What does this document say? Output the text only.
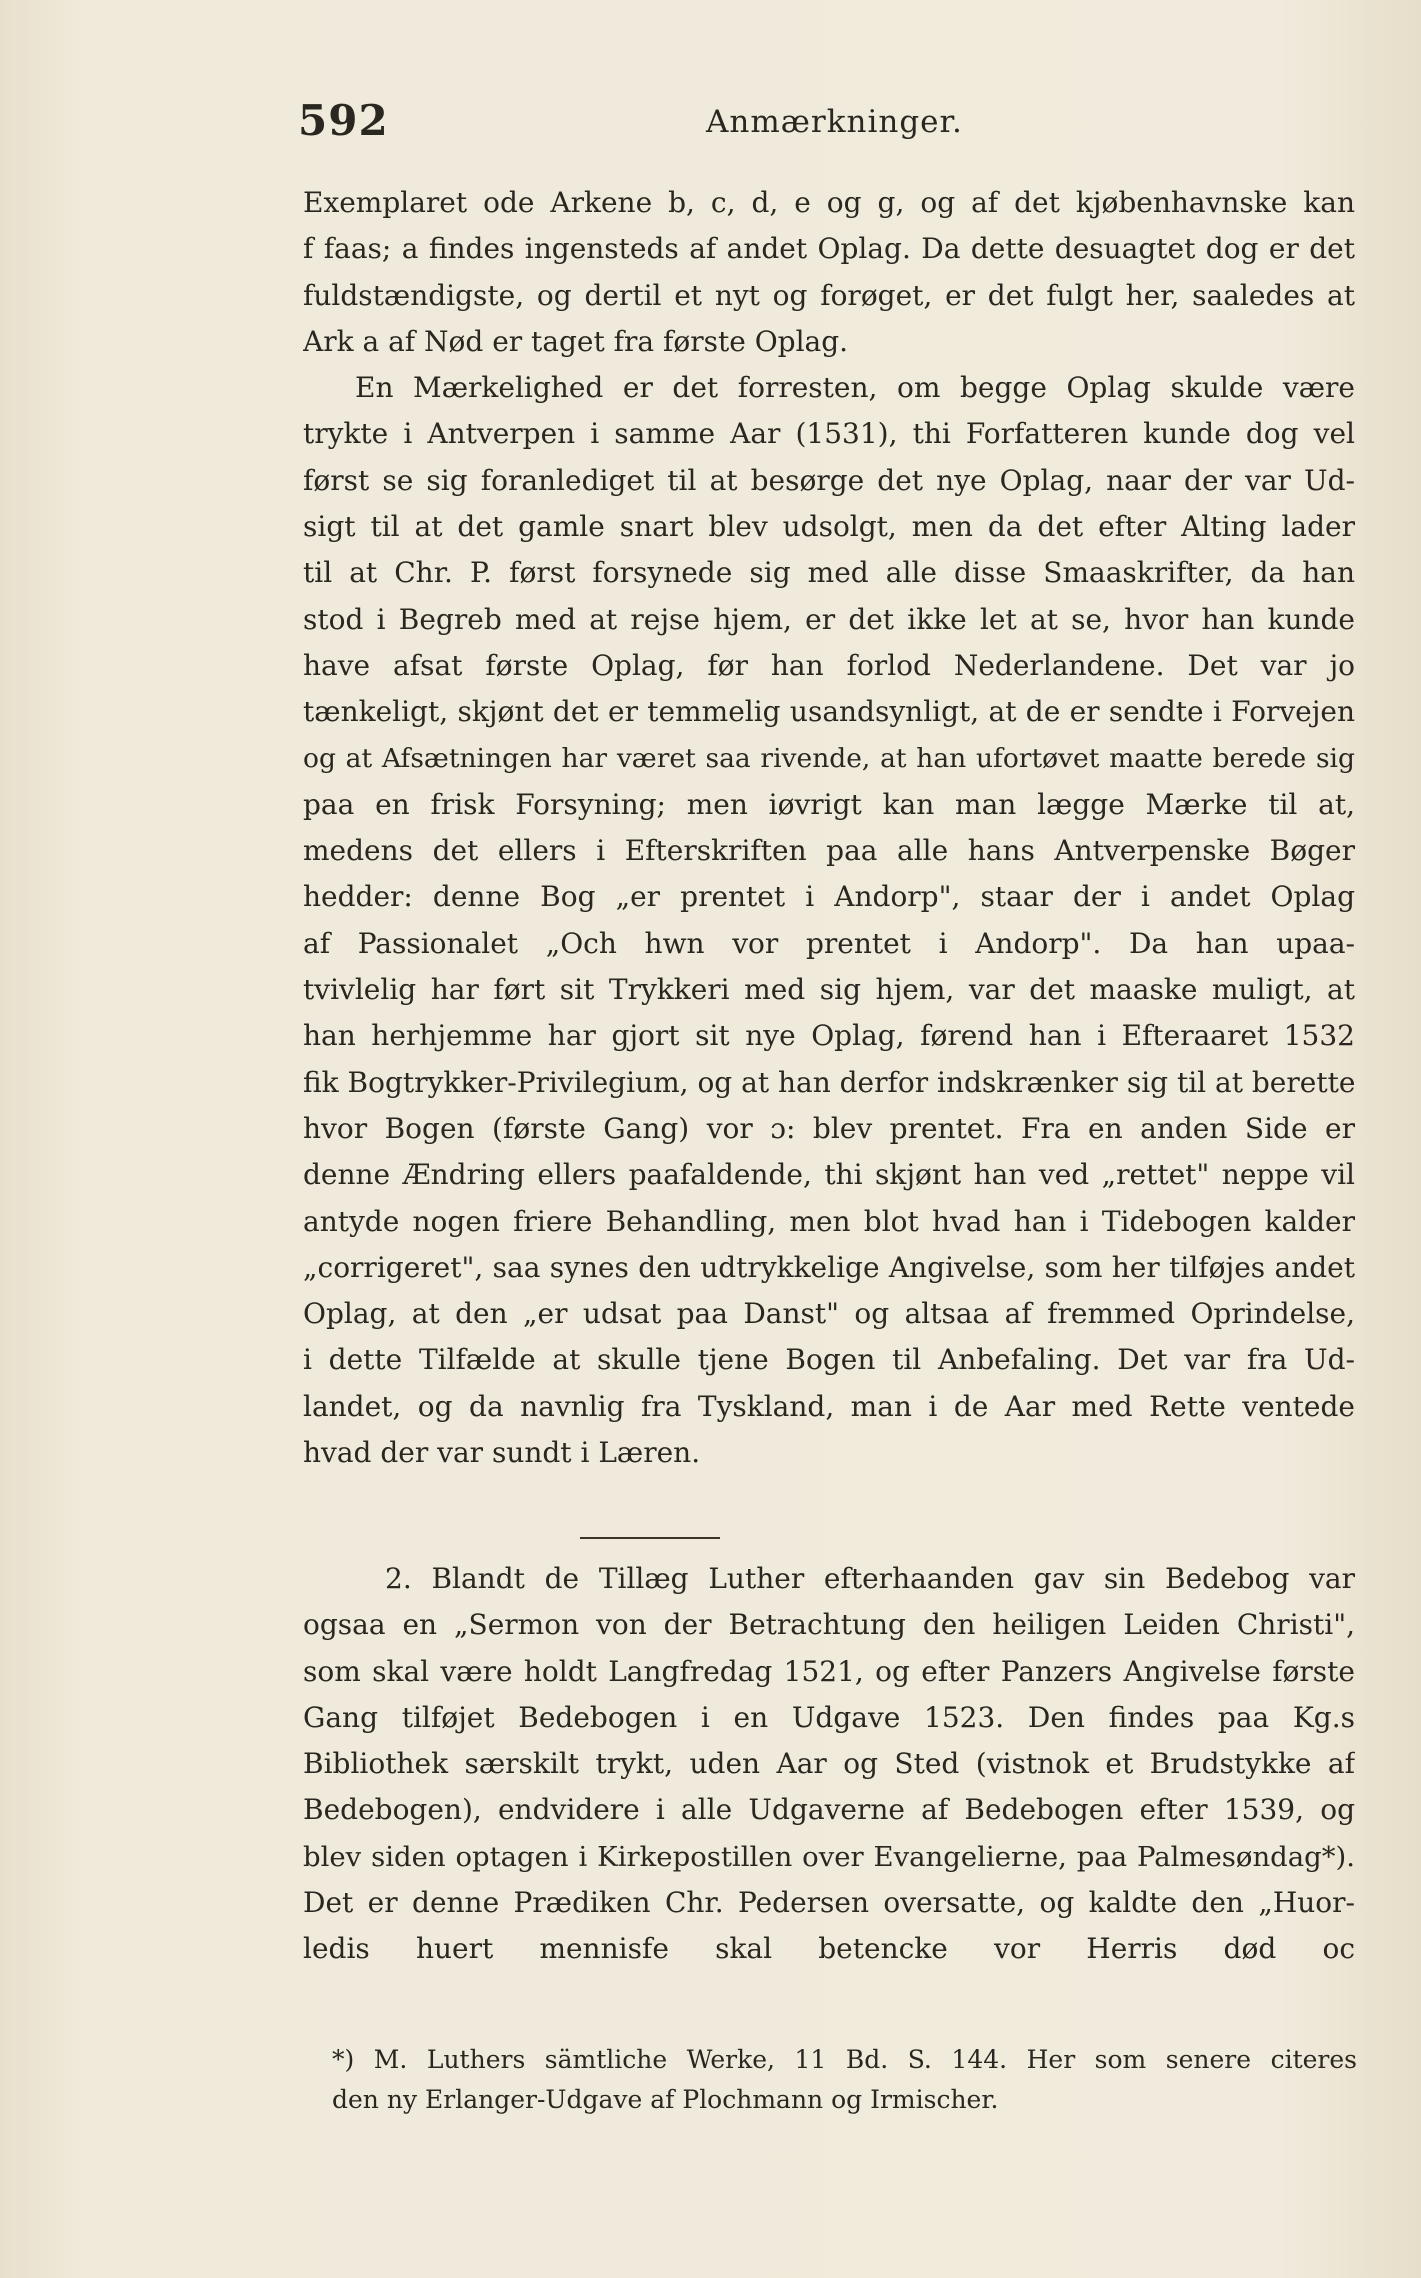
592	Anmærkninger.
Exemplaret ode Arkene b, c, d, e og g, og af det kjøbenhavnske kan
f faas; a findes ingensteds af andet Oplag. Da dette desuagtet dog er det
fuldstændigste, og dertil et nyt og forøget, er det fulgt her, saaledes at
Ark a af Nød er taget fra første Oplag.
En Mærkelighed er det forresten, om begge Oplag skulde være
trykte i Antverpen i samme Aar (1531), thi Forfatteren kunde dog vel
først se sig foranlediget til at besørge det nye Oplag, naar der var Ud-
sigt til at det gamle snart blev udsolgt, men da det efter Alting lader
til at Chr. P. først forsynede sig med alle disse Smaaskrifter, da han
stod i Begreb med at rejse hjem, er det ikke let at se, hvor han kunde
have afsat første Oplag, før han forlod Nederlandene. Det var jo
tænkeligt, skjønt det er temmelig usandsynligt, at de er sendte i Forvejen
og at Afsætningen har været saa rivende, at han ufortøvet maatte berede sig
paa en frisk Forsyning; men iøvrigt kan man lægge Mærke til at,
medens det ellers i Efterskriften paa alle hans Antverpenske Bøger
hedder: denne Bog „er prentet i Andorp", staar der i andet Oplag
af Passionalet „Och hwn vor prentet i Andorp". Da han upaa-
tvivlelig har ført sit Trykkeri med sig hjem, var det maaske muligt, at
han herhjemme har gjort sit nye Oplag, førend han i Efteraaret 1532
fik Bogtrykker-Privilegium, og at han derfor indskrænker sig til at berette
hvor Bogen (første Gang) vor ɔ: blev prentet. Fra en anden Side er
denne Ændring ellers paafaldende, thi skjønt han ved „rettet" neppe vil
antyde nogen friere Behandling, men blot hvad han i Tidebogen kalder
„corrigeret", saa synes den udtrykkelige Angivelse, som her tilføjes andet
Oplag, at den „er udsat paa Danst" og altsaa af fremmed Oprindelse,
i dette Tilfælde at skulle tjene Bogen til Anbefaling. Det var fra Ud-
landet, og da navnlig fra Tyskland, man i de Aar med Rette ventede
hvad der var sundt i Læren.
2. Blandt de Tillæg Luther efterhaanden gav sin Bedebog var
ogsaa en „Sermon von der Betrachtung den heiligen Leiden Christi",
som skal være holdt Langfredag 1521, og efter Panzers Angivelse første
Gang tilføjet Bedebogen i en Udgave 1523. Den findes paa Kg.s
Bibliothek særskilt trykt, uden Aar og Sted (vistnok et Brudstykke af
Bedebogen), endvidere i alle Udgaverne af Bedebogen efter 1539, og
blev siden optagen i Kirkepostillen over Evangelierne, paa Palmesøndag*).
Det er denne Prædiken Chr. Pedersen oversatte, og kaldte den „Huor-
ledis huert mennisfe skal betencke vor Herris død oc
*) M. Luthers sämtliche Werke, 11 Bd. S. 144. Her som senere citeres
den ny Erlanger-Udgave af Plochmann og Irmischer.
